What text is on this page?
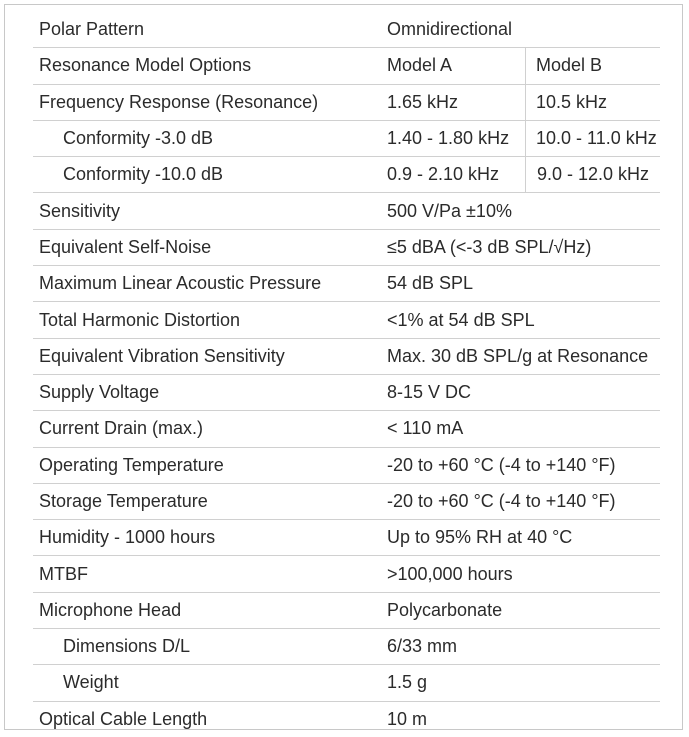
Polar Pattern	Omnidirectional	
Resonance Model Options	Model A	Model B
Frequency Response (Resonance)	1.65 kHz	10.5 kHz
Conformity -3.0 dB	1.40 - 1.80 kHz	10.0 - 11.0 kHz
Conformity -10.0 dB	0.9 - 2.10 kHz	9.0 - 12.0 kHz
Sensitivity	500 V/Pa ±10%	
Equivalent Self-Noise	≤5 dBA (<-3 dB SPL/√Hz)	
Maximum Linear Acoustic Pressure	54 dB SPL	
Total Harmonic Distortion	<1% at 54 dB SPL	
Equivalent Vibration Sensitivity	Max. 30 dB SPL/g at Resonance	
Supply Voltage	8-15 V DC	
Current Drain (max.)	< 110 mA	
Operating Temperature	-20 to +60 °C (-4 to +140 °F)	
Storage Temperature	-20 to +60 °C (-4 to +140 °F)	
Humidity - 1000 hours	Up to 95% RH at 40 °C	
MTBF	>100,000 hours	
Microphone Head	Polycarbonate	
Dimensions D/L	6/33 mm	
Weight	1.5 g	
Optical Cable Length	10 m	
